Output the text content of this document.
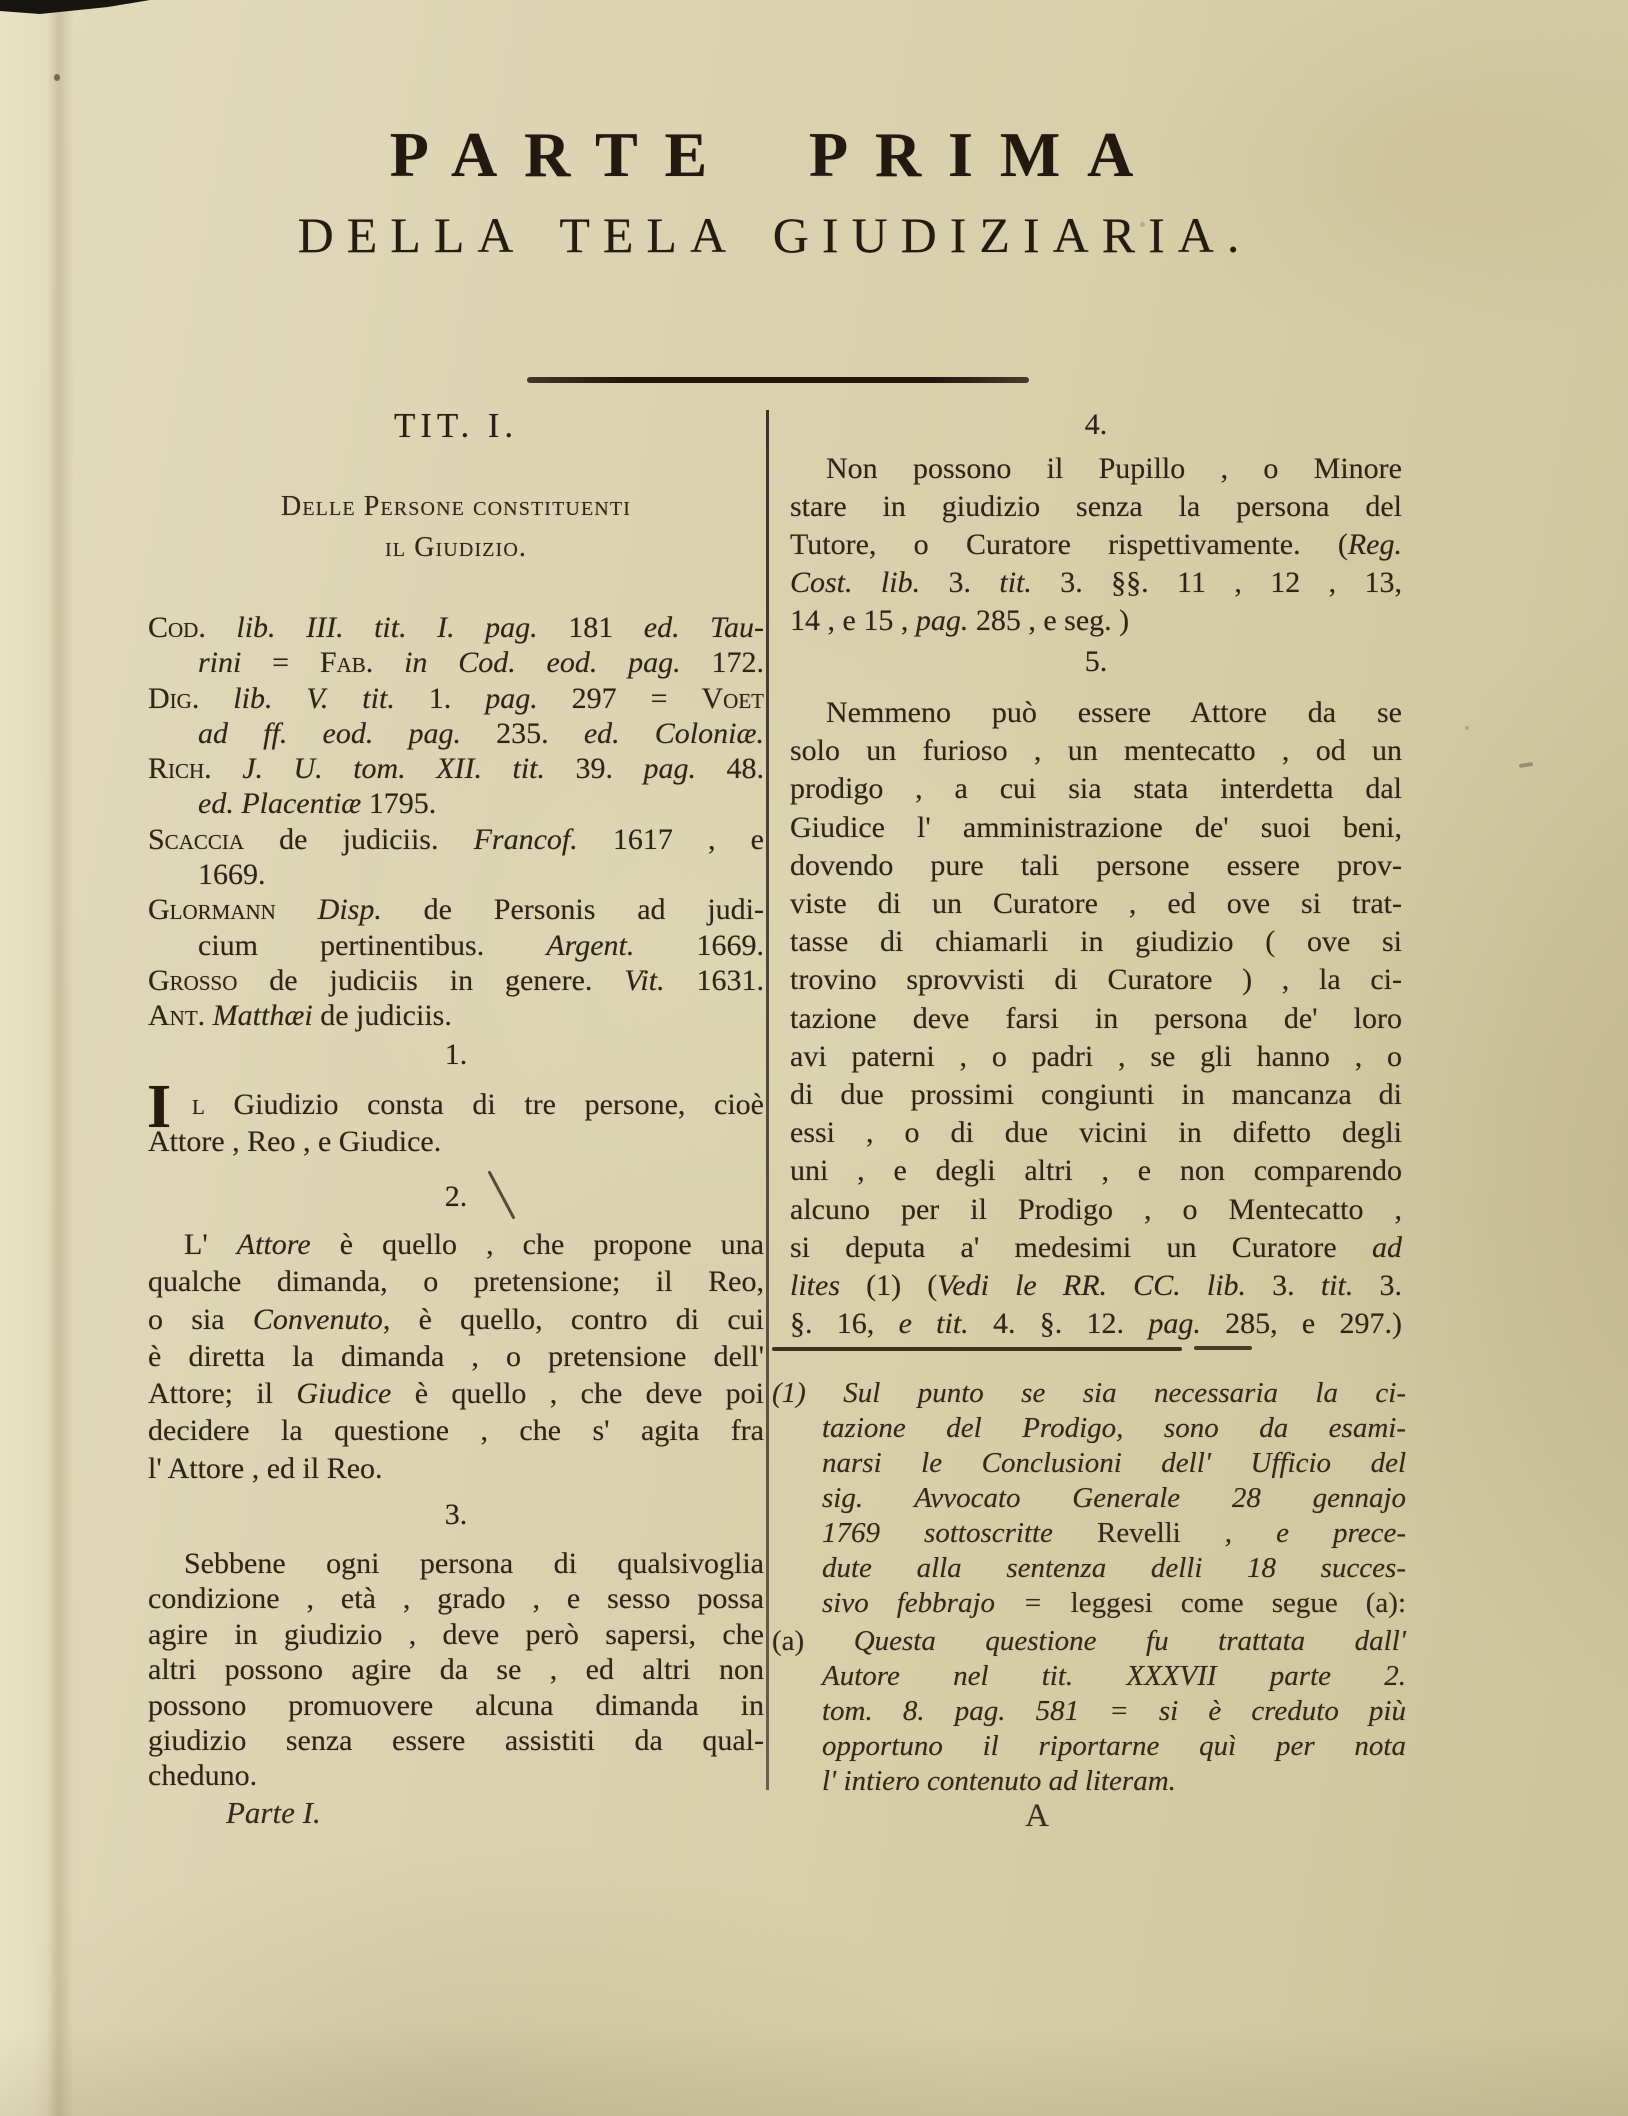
PARTE PRIMA
DELLA TELA GIUDIZIARIA.
TIT. I.
Delle Persone constituenti
il Giudizio.
Cod. lib. III. tit. I. pag. 181 ed. Tau-
rini = Fab. in Cod. eod. pag. 172.
Dig. lib. V. tit. 1. pag. 297 = Voet
ad ff. eod. pag. 235. ed. Coloniæ.
Rich. J. U. tom. XII. tit. 39. pag. 48.
ed. Placentiæ 1795.
Scaccia de judiciis. Francof. 1617 , e
1669.
Glormann Disp. de Personis ad judi-
cium pertinentibus. Argent. 1669.
Grosso de judiciis in genere. Vit. 1631.
Ant. Matthæi de judiciis.
1.
I l Giudizio consta di tre persone, cioè
Attore , Reo , e Giudice.
2.
L' Attore è quello , che propone una
qualche dimanda, o pretensione; il Reo,
o sia Convenuto, è quello, contro di cui
è diretta la dimanda , o pretensione dell'
Attore; il Giudice è quello , che deve poi
decidere la questione , che s' agita fra
l' Attore , ed il Reo.
3.
Sebbene ogni persona di qualsivoglia
condizione , età , grado , e sesso possa
agire in giudizio , deve però sapersi, che
altri possono agire da se , ed altri non
possono promuovere alcuna dimanda in
giudizio senza essere assistiti da qual-
cheduno.
Parte I.
4.
Non possono il Pupillo , o Minore
stare in giudizio senza la persona del
Tutore, o Curatore rispettivamente. (Reg.
Cost. lib. 3. tit. 3. §§. 11 , 12 , 13,
14 , e 15 , pag. 285 , e seg. )
5.
Nemmeno può essere Attore da se
solo un furioso , un mentecatto , od un
prodigo , a cui sia stata interdetta dal
Giudice l' amministrazione de' suoi beni,
dovendo pure tali persone essere prov-
viste di un Curatore , ed ove si trat-
tasse di chiamarli in giudizio ( ove si
trovino sprovvisti di Curatore ) , la ci-
tazione deve farsi in persona de' loro
avi paterni , o padri , se gli hanno , o
di due prossimi congiunti in mancanza di
essi , o di due vicini in difetto degli
uni , e degli altri , e non comparendo
alcuno per il Prodigo , o Mentecatto ,
si deputa a' medesimi un Curatore ad
lites (1) (Vedi le RR. CC. lib. 3. tit. 3.
§. 16, e tit. 4. §. 12. pag. 285, e 297.)
(1) Sul punto se sia necessaria la ci-
tazione del Prodigo, sono da esami-
narsi le Conclusioni dell' Ufficio del
sig. Avvocato Generale 28 gennajo
1769 sottoscritte Revelli , e prece-
dute alla sentenza delli 18 succes-
sivo febbrajo = leggesi come segue (a):
(a) Questa questione fu trattata dall'
Autore nel tit. XXXVII parte 2.
tom. 8. pag. 581 = si è creduto più
opportuno il riportarne quì per nota
l' intiero contenuto ad literam.
A
